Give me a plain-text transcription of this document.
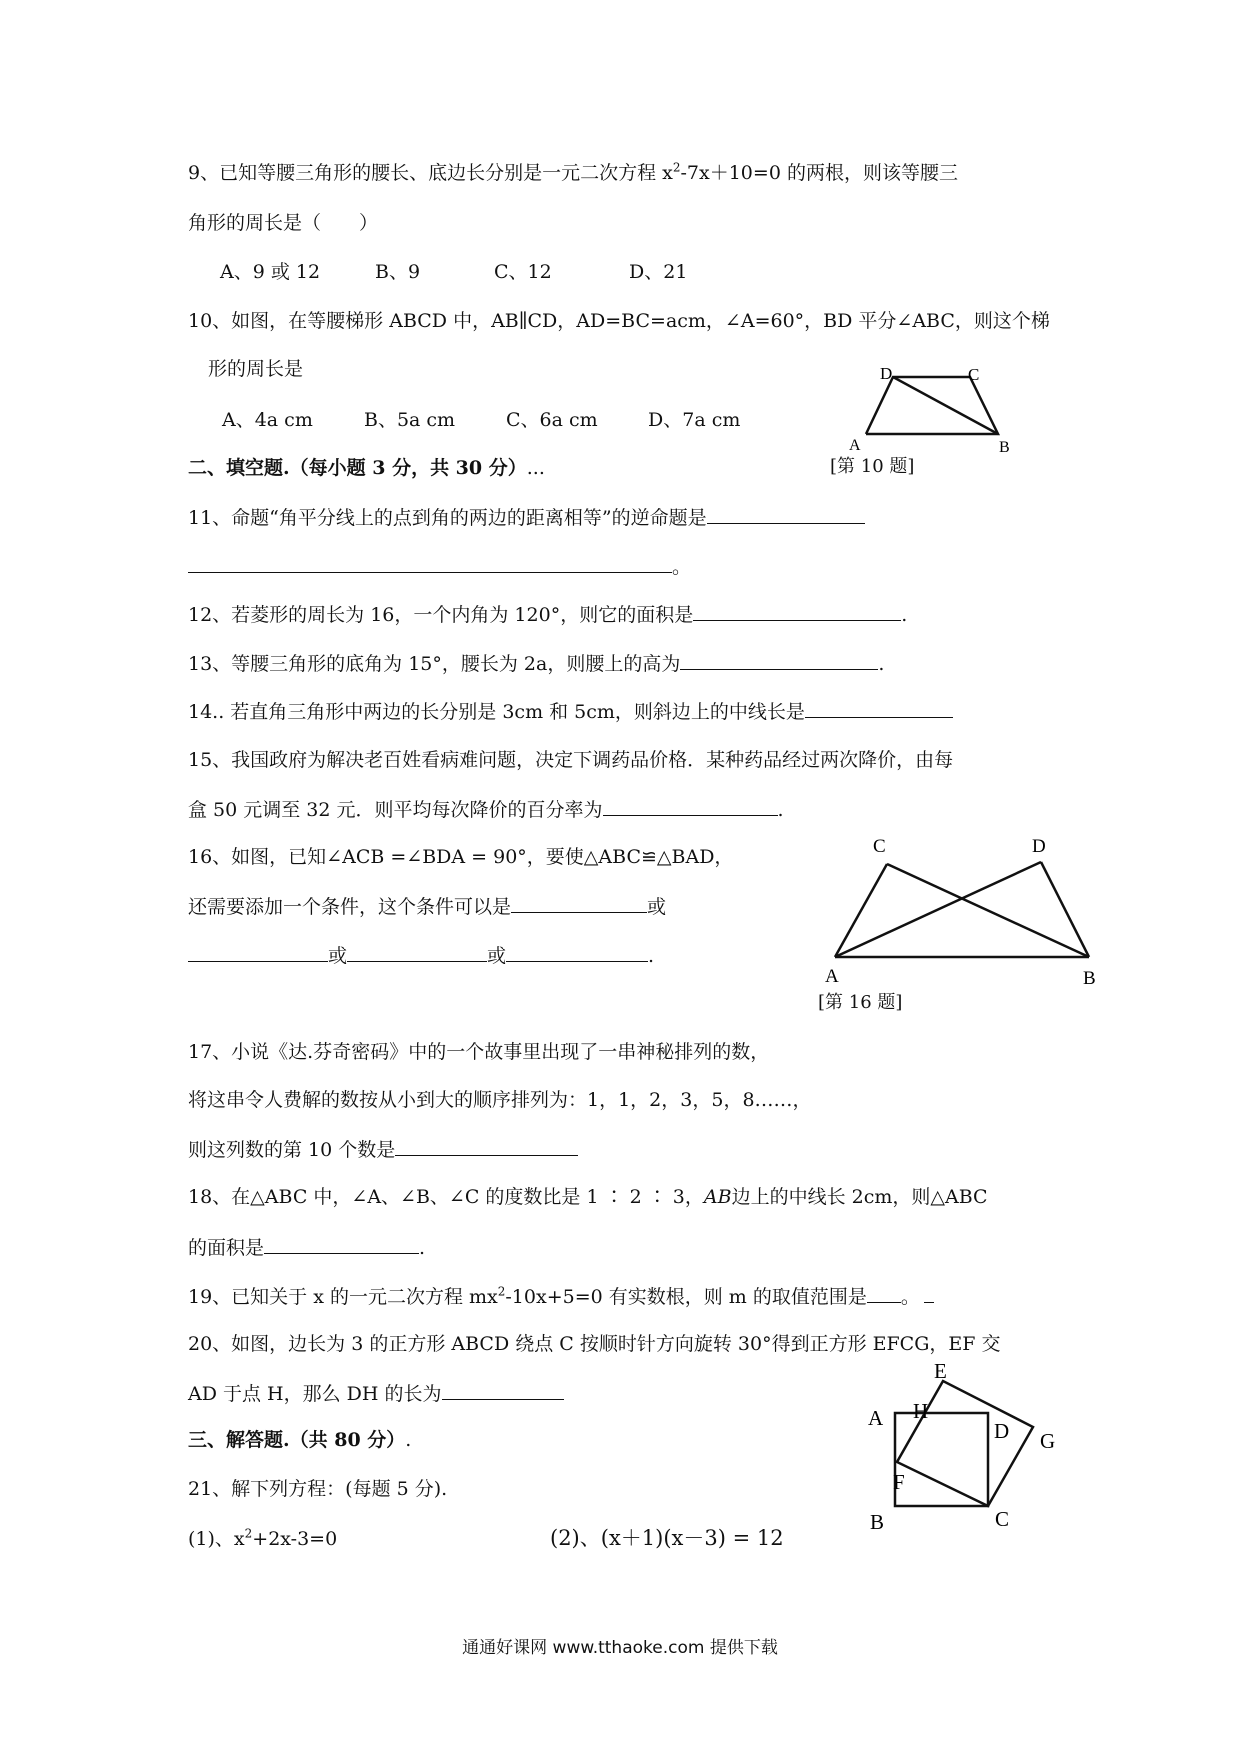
9、已知等腰三角形的腰长、底边长分别是一元二次方程 $x^2-7x+10=0$ 的两根，则该等腰三
角形的周长是（　　）
A、9 或 12	B、9	C、12	D、21
10、如图，在等腰梯形 ABCD 中，AB∥CD，AD=BC=acm，∠A=60°，BD 平分∠ABC，则这个梯
形的周长是
A、4a cm	B、5a cm	C、6a cm	D、7a cm
D	C
A	B
[第 10 题]
二、填空题.（每小题 3 分，共 30 分）...
11、命题“角平分线上的点到角的两边的距离相等”的逆命题是
。
12、若菱形的周长为 16，一个内角为 120°，则它的面积是	.
13、等腰三角形的底角为 15°，腰长为 2a，则腰上的高为	.
14.. 若直角三角形中两边的长分别是 3cm 和 5cm，则斜边上的中线长是
15、我国政府为解决老百姓看病难问题，决定下调药品价格．某种药品经过两次降价，由每
盒 50 元调至 32 元．则平均每次降价的百分率为	.
16、如图，已知∠ACB =∠BDA = 90°，要使△ABC≌△BAD，
还需要添加一个条件，这个条件可以是	或
或	或	.
C	D
A	B
[第 16 题]
17、小说《达.芬奇密码》中的一个故事里出现了一串神秘排列的数，
将这串令人费解的数按从小到大的顺序排列为：1，1，2，3，5，8……，
则这列数的第 10 个数是
18、在△ABC 中，∠A、∠B、∠C 的度数比是 1 ∶ 2 ∶ 3，AB边上的中线长 2cm，则△ABC
的面积是	.
19、已知关于 x 的一元二次方程 $mx^2-10x+5=0$ 有实数根，则 m 的取值范围是 。
20、如图，边长为 3 的正方形 ABCD 绕点 C 按顺时针方向旋转 30°得到正方形 EFCG，EF 交
AD 于点 H，那么 DH 的长为
E
H
A
D G
F
B	C
三、解答题.（共 80 分）.
21、解下列方程：(每题 5 分).
(1)、$x^2+2x-3=0$	(2)、(x＋1)(x－3) = 12
通通好课网 www.tthaoke.com 提供下载
